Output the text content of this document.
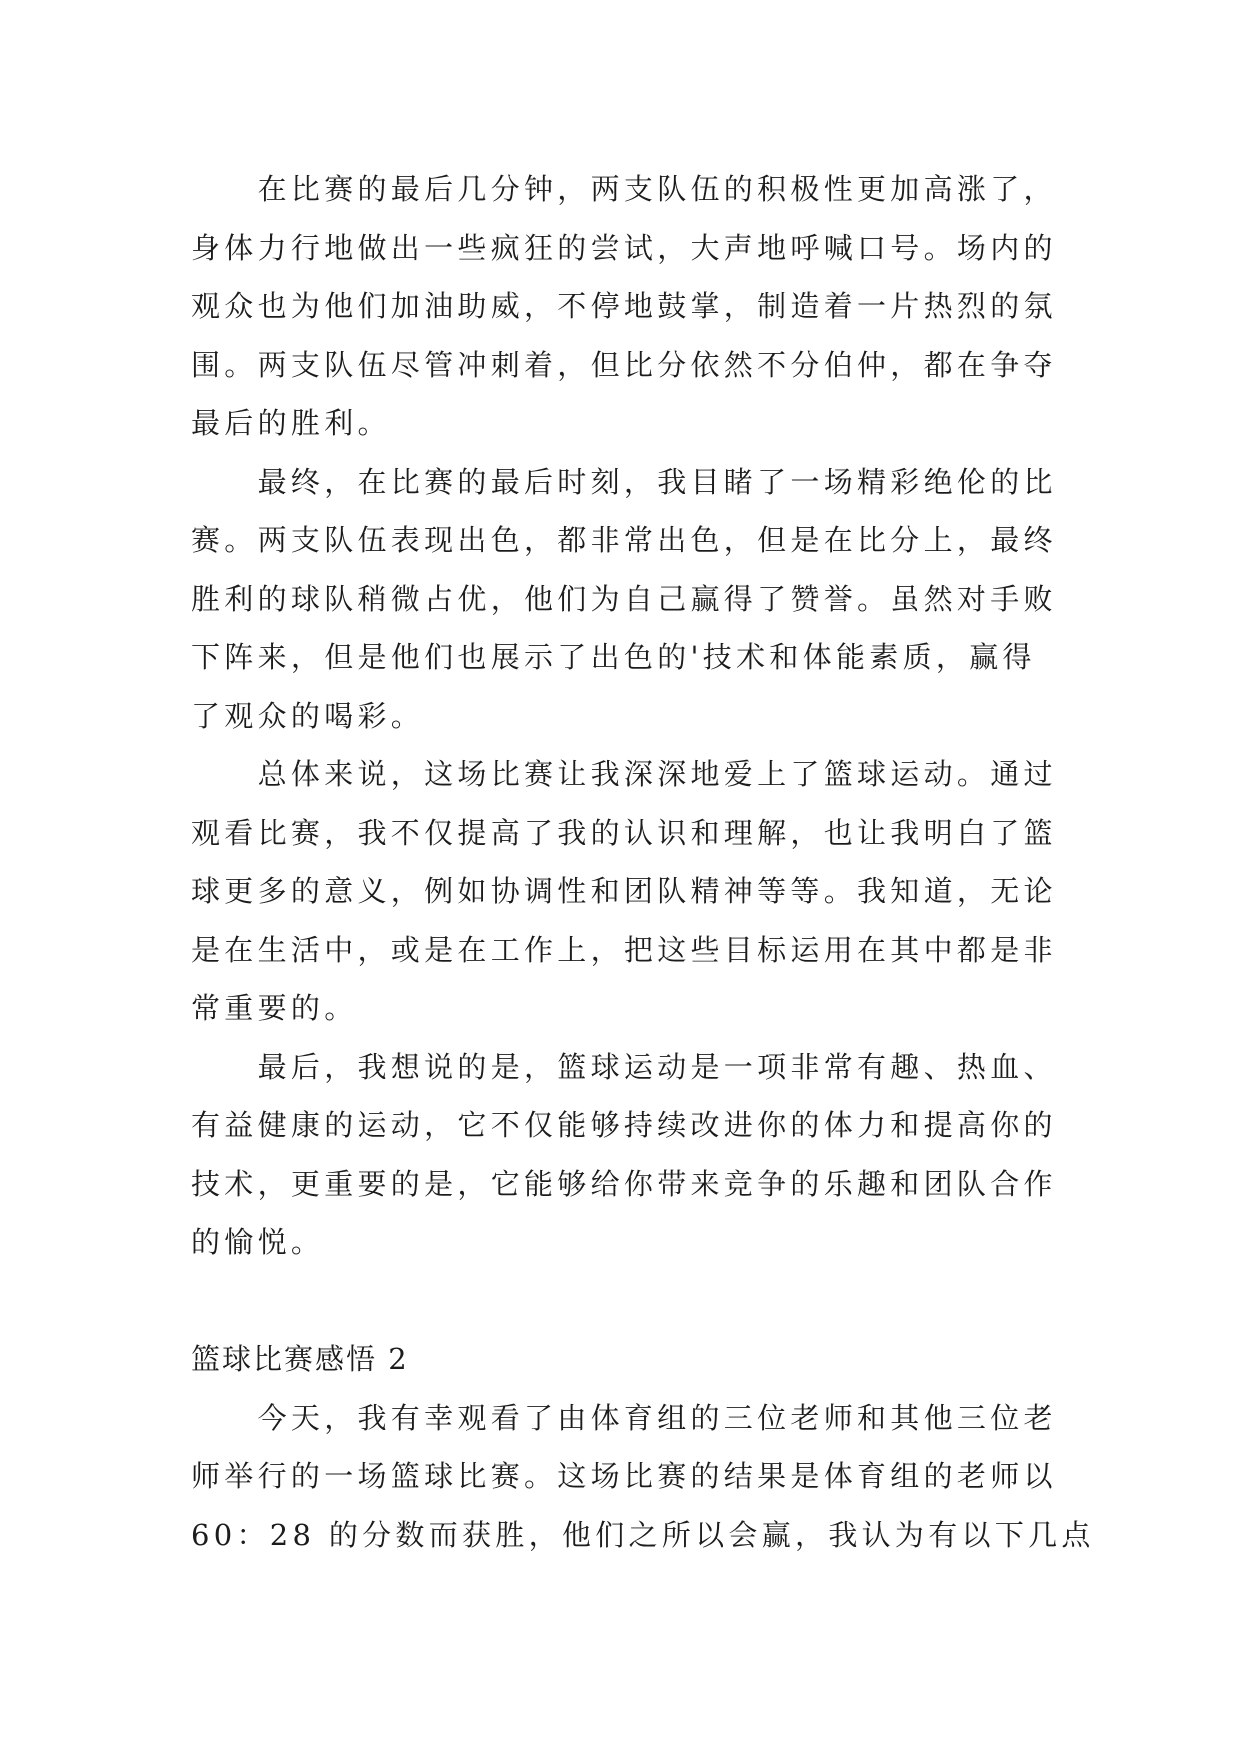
在比赛的最后几分钟，两支队伍的积极性更加高涨了，
身体力行地做出一些疯狂的尝试，大声地呼喊口号。场内的
观众也为他们加油助威，不停地鼓掌，制造着一片热烈的氛
围。两支队伍尽管冲刺着，但比分依然不分伯仲，都在争夺
最后的胜利。
最终，在比赛的最后时刻，我目睹了一场精彩绝伦的比
赛。两支队伍表现出色，都非常出色，但是在比分上，最终
胜利的球队稍微占优，他们为自己赢得了赞誉。虽然对手败
下阵来，但是他们也展示了出色的'技术和体能素质，赢得
了观众的喝彩。
总体来说，这场比赛让我深深地爱上了篮球运动。通过
观看比赛，我不仅提高了我的认识和理解，也让我明白了篮
球更多的意义，例如协调性和团队精神等等。我知道，无论
是在生活中，或是在工作上，把这些目标运用在其中都是非
常重要的。
最后，我想说的是，篮球运动是一项非常有趣、热血、
有益健康的运动，它不仅能够持续改进你的体力和提高你的
技术，更重要的是，它能够给你带来竞争的乐趣和团队合作
的愉悦。
篮球比赛感悟 2
今天，我有幸观看了由体育组的三位老师和其他三位老
师举行的一场篮球比赛。这场比赛的结果是体育组的老师以
60：28 的分数而获胜，他们之所以会赢，我认为有以下几点
